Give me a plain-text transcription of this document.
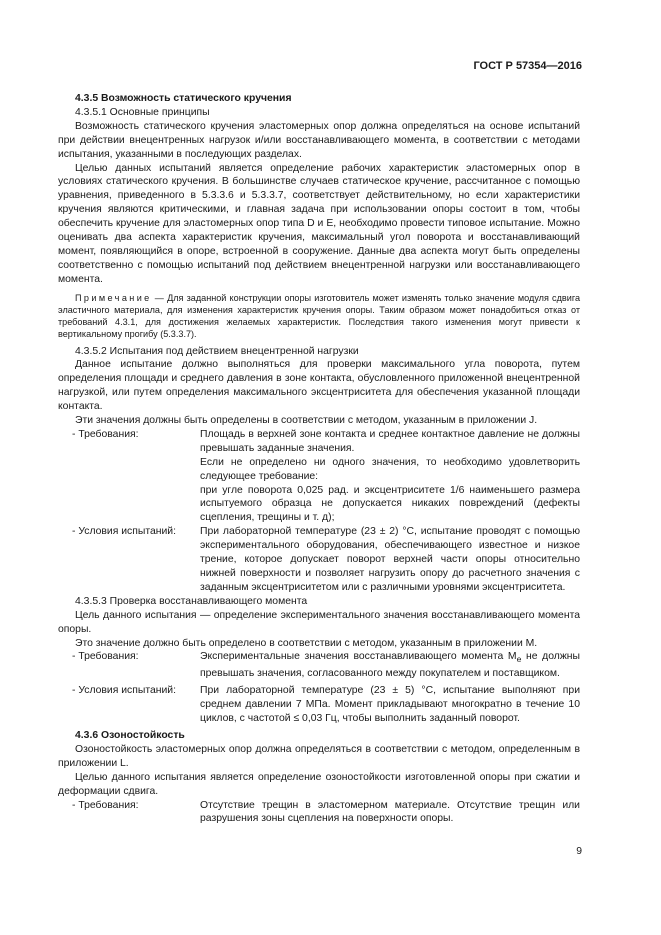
ГОСТ Р 57354—2016

4.3.5 Возможность статического кручения

4.3.5.1 Основные принципы

Возможность статического кручения эластомерных опор должна определяться на основе испытаний при действии внецентренных нагрузок и/или восстанавливающего момента, в соответствии с методами испытания, указанными в последующих разделах.

Целью данных испытаний является определение рабочих характеристик эластомерных опор в условиях статического кручения. В большинстве случаев статическое кручение, рассчитанное с помощью уравнения, приведенного в 5.3.3.6 и 5.3.3.7, соответствует действительному, но если характеристики кручения являются критическими, и главная задача при использовании опоры состоит в том, чтобы обеспечить кручение для эластомерных опор типа D и E, необходимо провести типовое испытание. Можно оценивать два аспекта характеристик кручения, максимальный угол поворота и восстанавливающий момент, появляющийся в опоре, встроенной в сооружение. Данные два аспекта могут быть определены соответственно с помощью испытаний под действием внецентренной нагрузки или восстанавливающего момента.

Примечание — Для заданной конструкции опоры изготовитель может изменять только значение модуля сдвига эластичного материала, для изменения характеристик кручения опоры. Таким образом может понадобиться отказ от требований 4.3.1, для достижения желаемых характеристик. Последствия такого изменения могут привести к вертикальному прогибу (5.3.3.7).

4.3.5.2 Испытания под действием внецентренной нагрузки

Данное испытание должно выполняться для проверки максимального угла поворота, путем определения площади и среднего давления в зоне контакта, обусловленного приложенной внецентренной нагрузкой, или путем определения максимального эксцентриситета для обеспечения указанной площади контакта.

Эти значения должны быть определены в соответствии с методом, указанным в приложении J.

- Требования:	Площадь в верхней зоне контакта и среднее контактное давление не должны превышать заданные значения.

Если не определено ни одного значения, то необходимо удовлетворить следующее требование:

при угле поворота 0,025 рад. и эксцентриситете 1/6 наименьшего размера испытуемого образца не допускается никаких повреждений (дефекты сцепления, трещины и т. д);

- Условия испытаний:	При лабораторной температуре (23 ± 2) °С, испытание проводят с помощью экспериментального оборудования, обеспечивающего известное и низкое трение, которое допускает поворот верхней части опоры относительно нижней поверхности и позволяет нагрузить опору до расчетного значения с заданным эксцентриситетом или с различными уровнями эксцентриситета.

4.3.5.3 Проверка восстанавливающего момента

Цель данного испытания — определение экспериментального значения восстанавливающего момента опоры.

Это значение должно быть определено в соответствии с методом, указанным в приложении М.

- Требования:	Экспериментальные значения восстанавливающего момента $M_e$ не должны превышать значения, согласованного между покупателем и поставщиком.

- Условия испытаний:	При лабораторной температуре (23 ± 5) °С, испытание выполняют при среднем давлении 7 МПа. Момент прикладывают многократно в течение 10 циклов, с частотой ≤ 0,03 Гц, чтобы выполнить заданный поворот.

4.3.6 Озоностойкость

Озоностойкость эластомерных опор должна определяться в соответствии с методом, определенным в приложении L.

Целью данного испытания является определение озоностойкости изготовленной опоры при сжатии и деформации сдвига.

- Требования:	Отсутствие трещин в эластомерном материале. Отсутствие трещин или разрушения зоны сцепления на поверхности опоры.

9
